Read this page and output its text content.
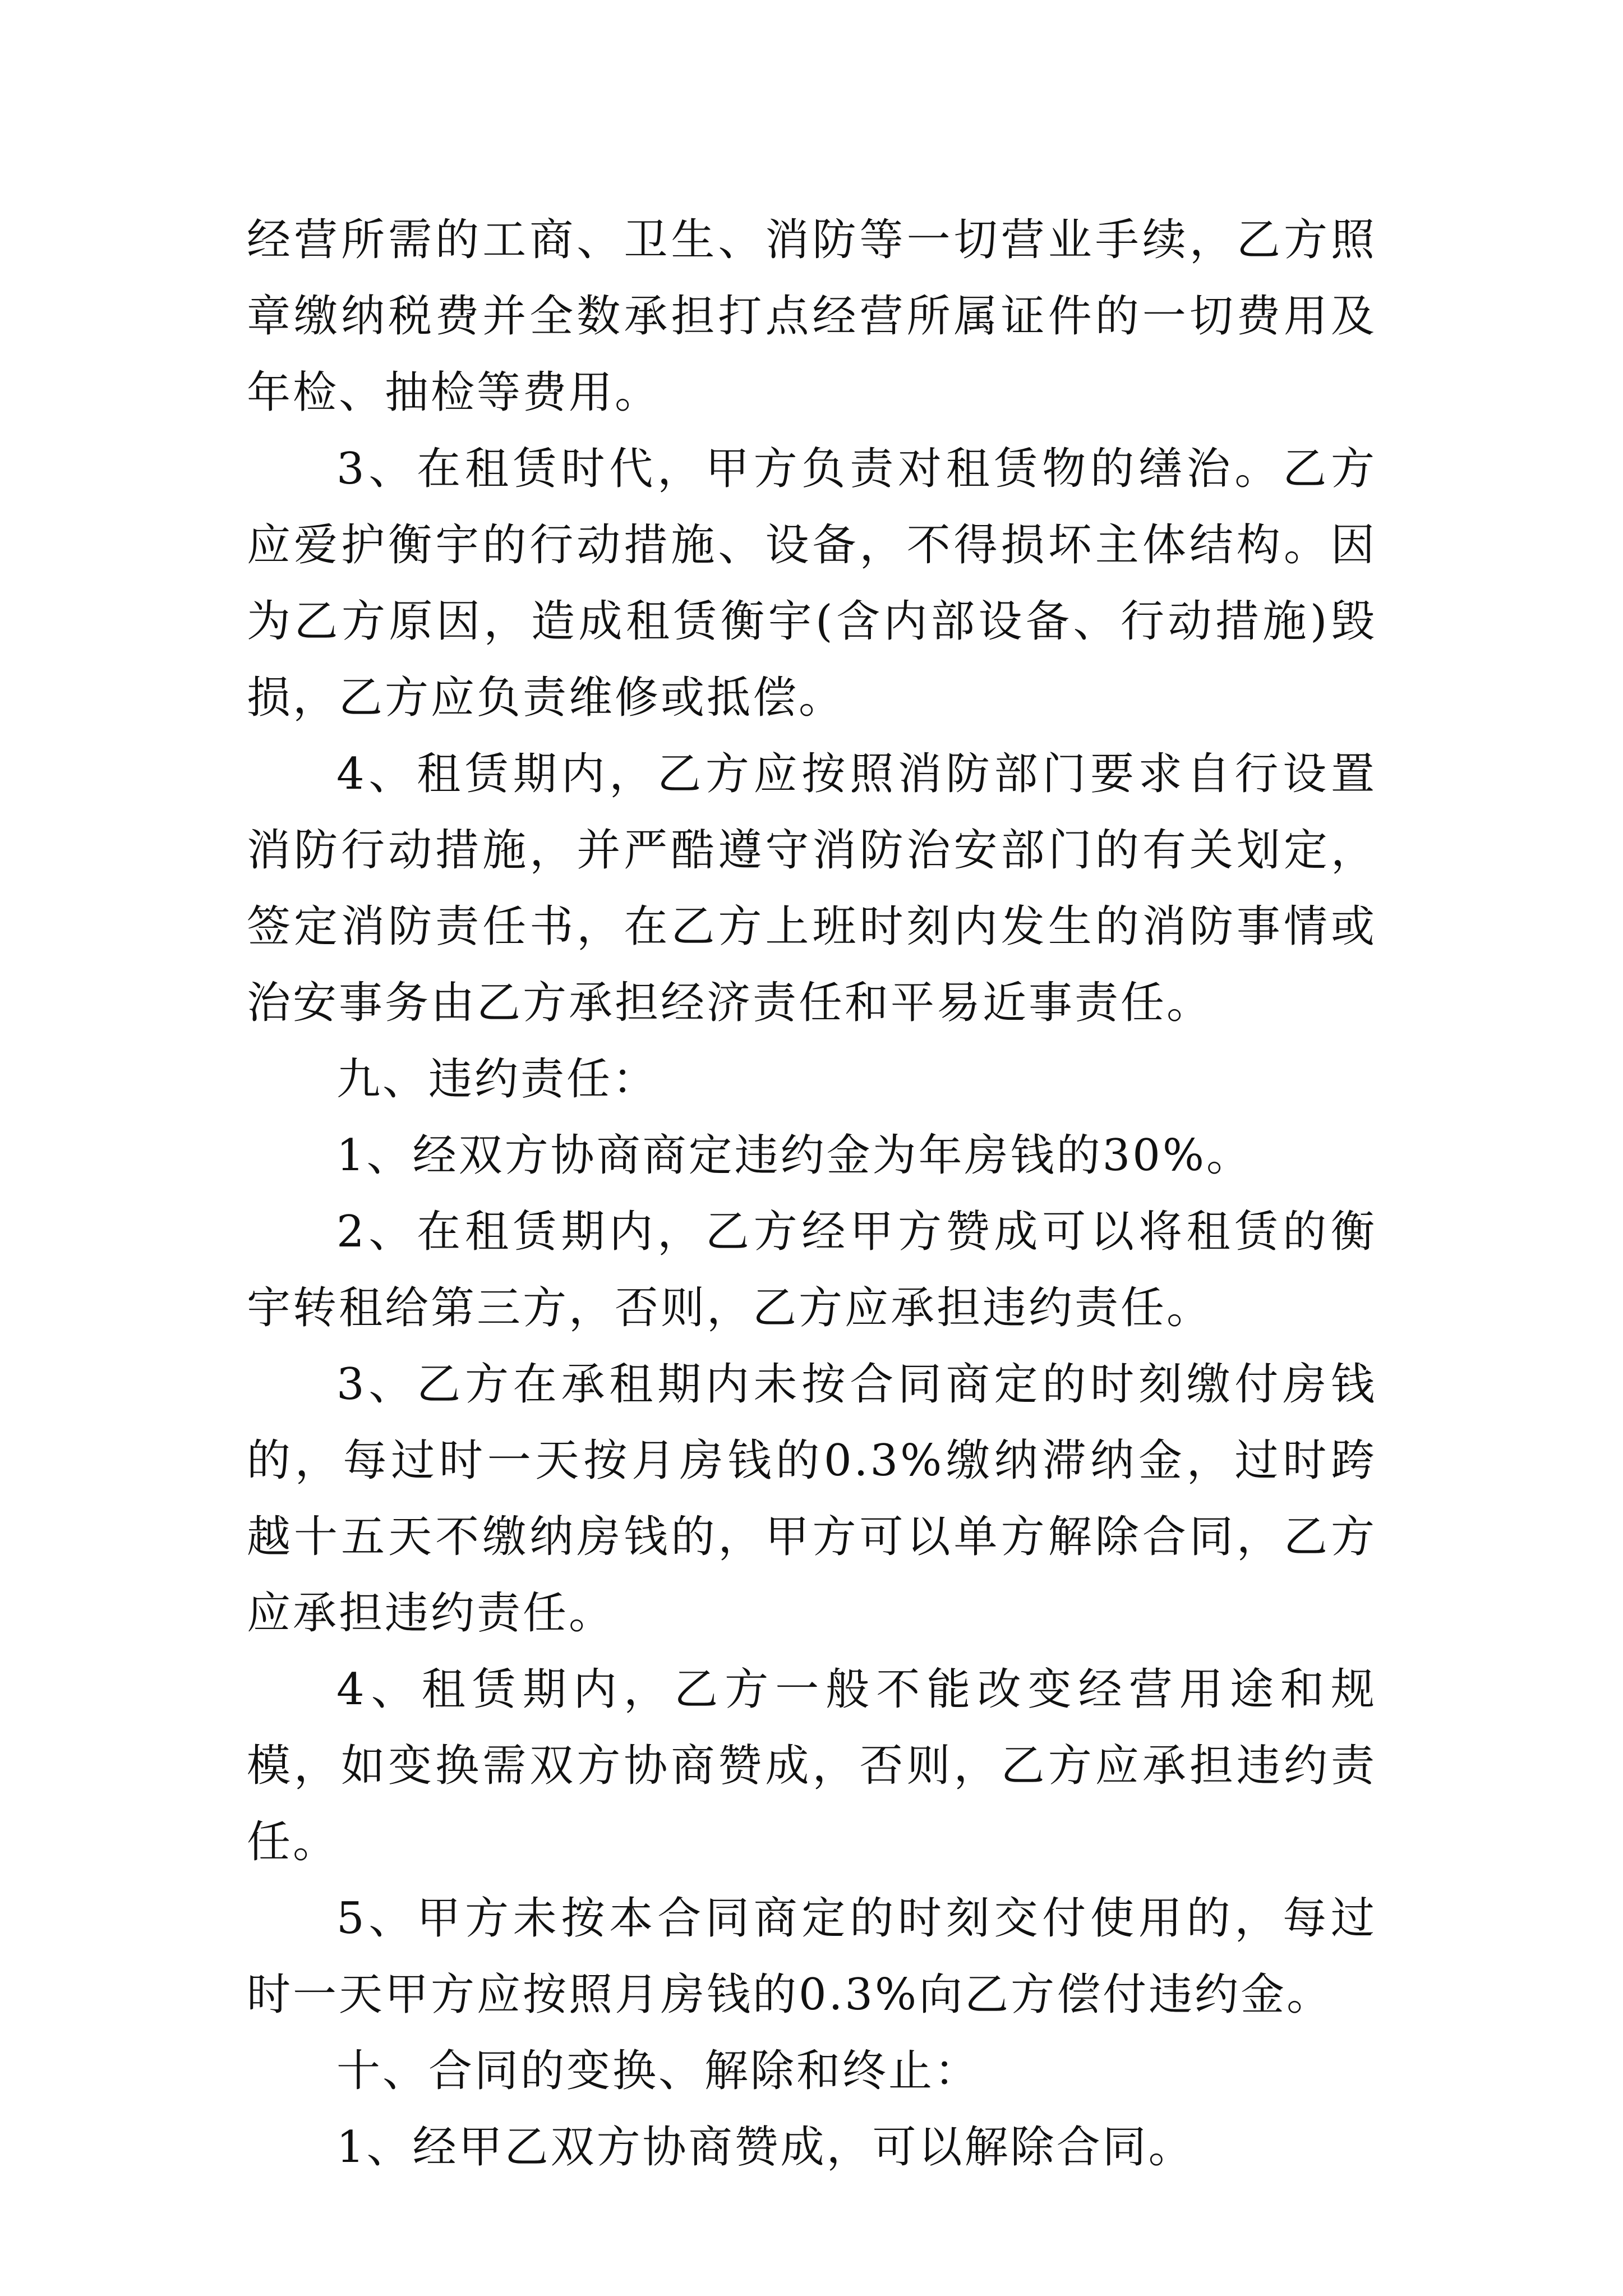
经营所需的工商、卫生、消防等一切营业手续，乙方照章缴纳税费并全数承担打点经营所属证件的一切费用及年检、抽检等费用。

3、在租赁时代，甲方负责对租赁物的缮治。乙方应爱护衡宇的行动措施、设备，不得损坏主体结构。因为乙方原因，造成租赁衡宇(含内部设备、行动措施)毁损，乙方应负责维修或抵偿。

4、租赁期内，乙方应按照消防部门要求自行设置消防行动措施，并严酷遵守消防治安部门的有关划定，签定消防责任书，在乙方上班时刻内发生的消防事情或治安事务由乙方承担经济责任和平易近事责任。

九、违约责任：

1、经双方协商商定违约金为年房钱的30%。

2、在租赁期内，乙方经甲方赞成可以将租赁的衡宇转租给第三方，否则，乙方应承担违约责任。

3、乙方在承租期内未按合同商定的时刻缴付房钱的，每过时一天按月房钱的0.3%缴纳滞纳金，过时跨越十五天不缴纳房钱的，甲方可以单方解除合同，乙方应承担违约责任。

4、租赁期内，乙方一般不能改变经营用途和规模，如变换需双方协商赞成，否则，乙方应承担违约责任。

5、甲方未按本合同商定的时刻交付使用的，每过时一天甲方应按照月房钱的0.3%向乙方偿付违约金。

十、合同的变换、解除和终止：

1、经甲乙双方协商赞成，可以解除合同。
